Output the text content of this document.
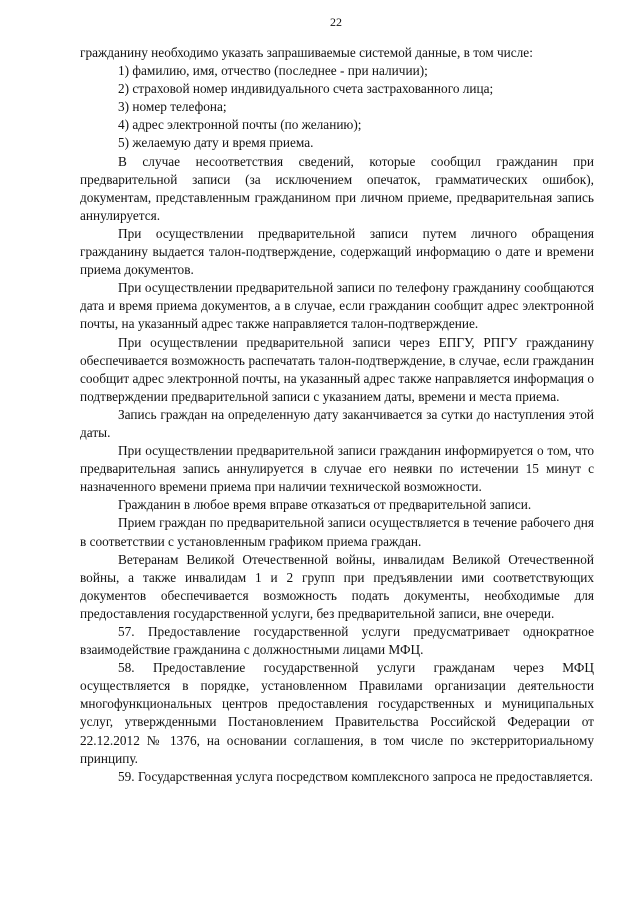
22

гражданину необходимо указать запрашиваемые системой данные, в том числе:

1) фамилию, имя, отчество (последнее - при наличии);

2) страховой номер индивидуального счета застрахованного лица;

3) номер телефона;

4) адрес электронной почты (по желанию);

5) желаемую дату и время приема.

В случае несоответствия сведений, которые сообщил гражданин при предварительной записи (за исключением опечаток, грамматических ошибок), документам, представленным гражданином при личном приеме, предварительная запись аннулируется.

При осуществлении предварительной записи путем личного обращения гражданину выдается талон-подтверждение, содержащий информацию о дате и времени приема документов.

При осуществлении предварительной записи по телефону гражданину сообщаются дата и время приема документов, а в случае, если гражданин сообщит адрес электронной почты, на указанный адрес также направляется талон-подтверждение.

При осуществлении предварительной записи через ЕПГУ, РПГУ гражданину обеспечивается возможность распечатать талон-подтверждение, в случае, если гражданин сообщит адрес электронной почты, на указанный адрес также направляется информация о подтверждении предварительной записи с указанием даты, времени и места приема.

Запись граждан на определенную дату заканчивается за сутки до наступления этой даты.

При осуществлении предварительной записи гражданин информируется о том, что предварительная запись аннулируется в случае его неявки по истечении 15 минут с назначенного времени приема при наличии технической возможности.

Гражданин в любое время вправе отказаться от предварительной записи.

Прием граждан по предварительной записи осуществляется в течение рабочего дня в соответствии с установленным графиком приема граждан.

Ветеранам Великой Отечественной войны, инвалидам Великой Отечественной войны, а также инвалидам 1 и 2 групп при предъявлении ими соответствующих документов обеспечивается возможность подать документы, необходимые для предоставления государственной услуги, без предварительной записи, вне очереди.

57. Предоставление государственной услуги предусматривает однократное взаимодействие гражданина с должностными лицами МФЦ.

58. Предоставление государственной услуги гражданам через МФЦ осуществляется в порядке, установленном Правилами организации деятельности многофункциональных центров предоставления государственных и муниципальных услуг, утвержденными Постановлением Правительства Российской Федерации от 22.12.2012 № 1376, на основании соглашения, в том числе по экстерриториальному принципу.

59. Государственная услуга посредством комплексного запроса не предоставляется.
